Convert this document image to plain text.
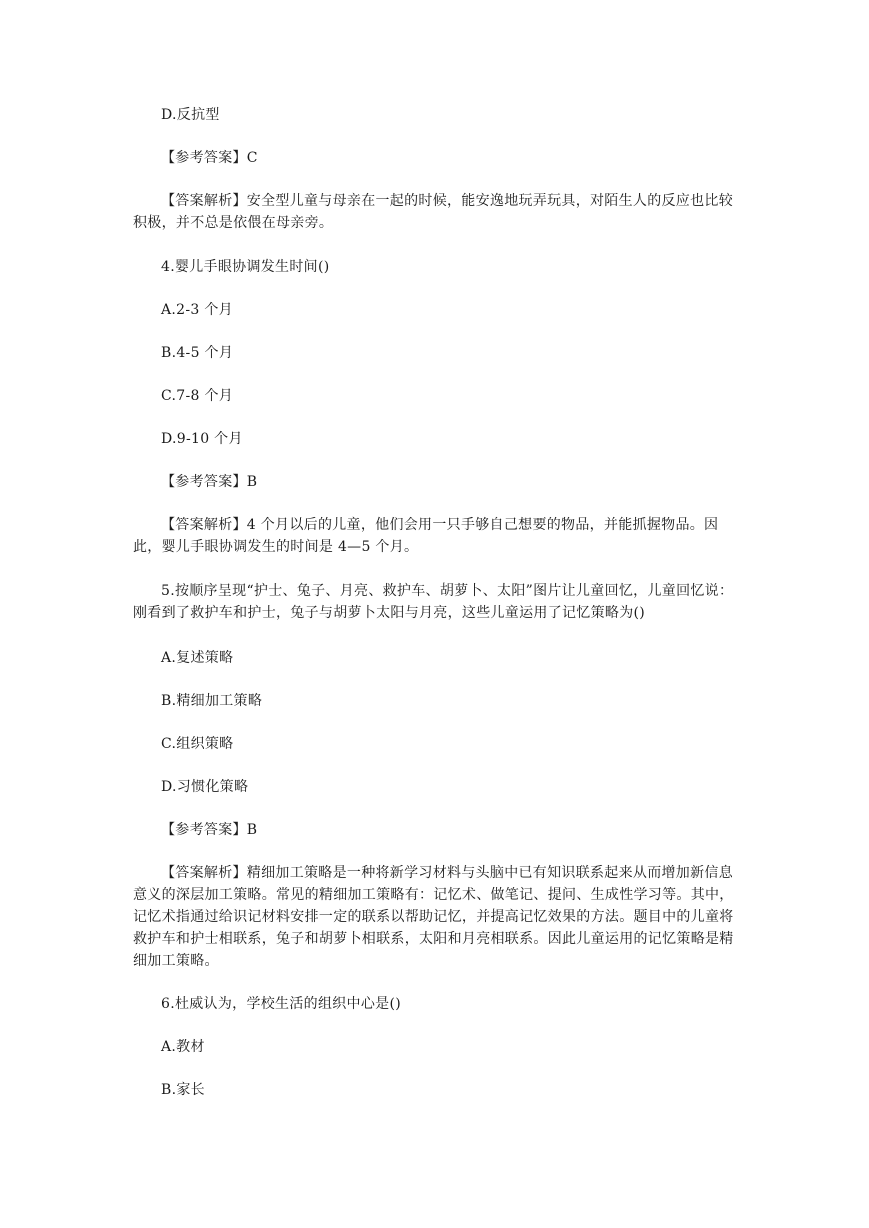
D.反抗型

【参考答案】C

【答案解析】安全型儿童与母亲在一起的时候，能安逸地玩弄玩具，对陌生人的反应也比较积极，并不总是依偎在母亲旁。

4.婴儿手眼协调发生时间()

A.2-3 个月

B.4-5 个月

C.7-8 个月

D.9-10 个月

【参考答案】B

【答案解析】4 个月以后的儿童，他们会用一只手够自己想要的物品，并能抓握物品。因此，婴儿手眼协调发生的时间是 4—5 个月。

5.按顺序呈现“护士、兔子、月亮、救护车、胡萝卜、太阳”图片让儿童回忆，儿童回忆说：刚看到了救护车和护士，兔子与胡萝卜太阳与月亮，这些儿童运用了记忆策略为()

A.复述策略

B.精细加工策略

C.组织策略

D.习惯化策略

【参考答案】B

【答案解析】精细加工策略是一种将新学习材料与头脑中已有知识联系起来从而增加新信息意义的深层加工策略。常见的精细加工策略有：记忆术、做笔记、提问、生成性学习等。其中，记忆术指通过给识记材料安排一定的联系以帮助记忆，并提高记忆效果的方法。题目中的儿童将救护车和护士相联系，兔子和胡萝卜相联系，太阳和月亮相联系。因此儿童运用的记忆策略是精细加工策略。

6.杜威认为，学校生活的组织中心是()

A.教材

B.家长
